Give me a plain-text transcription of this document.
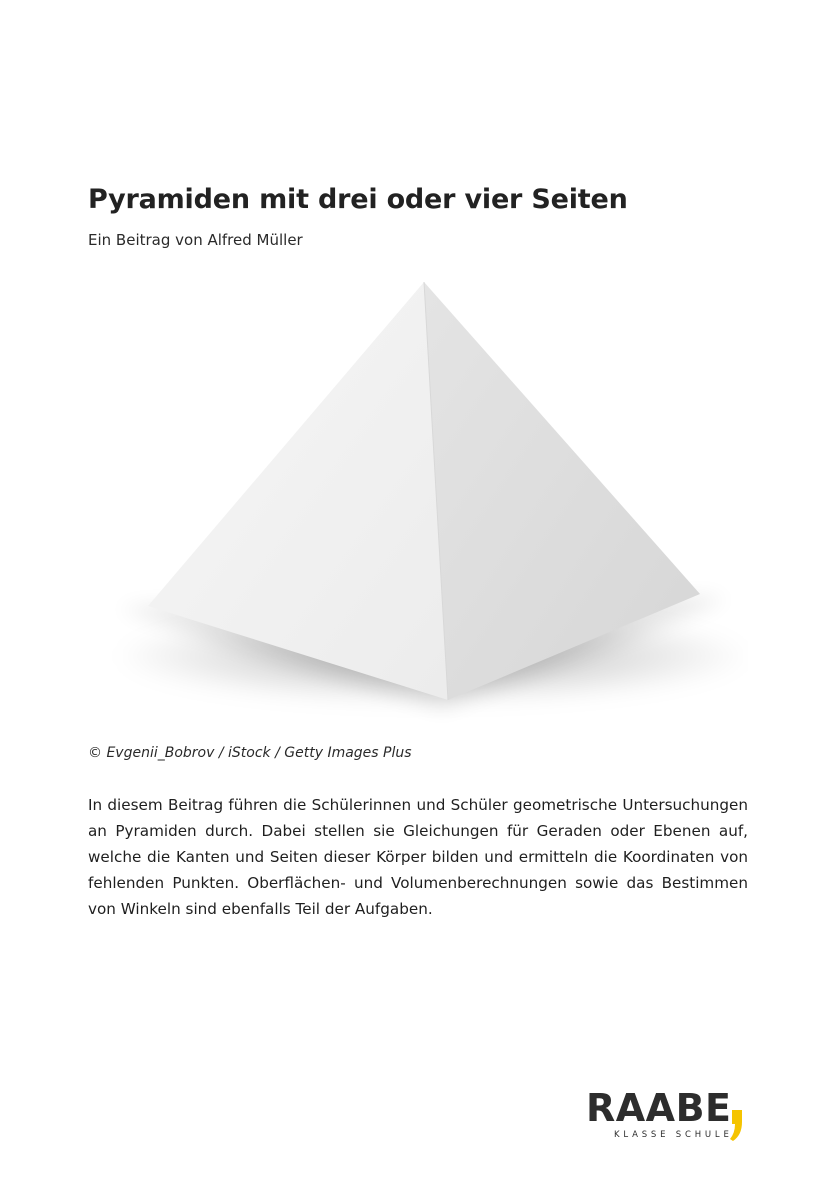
Pyramiden mit drei oder vier Seiten
Ein Beitrag von Alfred Müller
© Evgenii_Bobrov / iStock / Getty Images Plus

In diesem Beitrag führen die Schülerinnen und Schüler geometrische Untersuchungen an Pyramiden durch. Dabei stellen sie Gleichungen für Geraden oder Ebenen auf, welche die Kanten und Seiten dieser Körper bilden und ermitteln die Koordinaten von fehlenden Punkten. Oberflächen- und Volumenberechnungen sowie das Bestimmen von Winkeln sind ebenfalls Teil der Aufgaben.

RAABE
KLASSE SCHULE
